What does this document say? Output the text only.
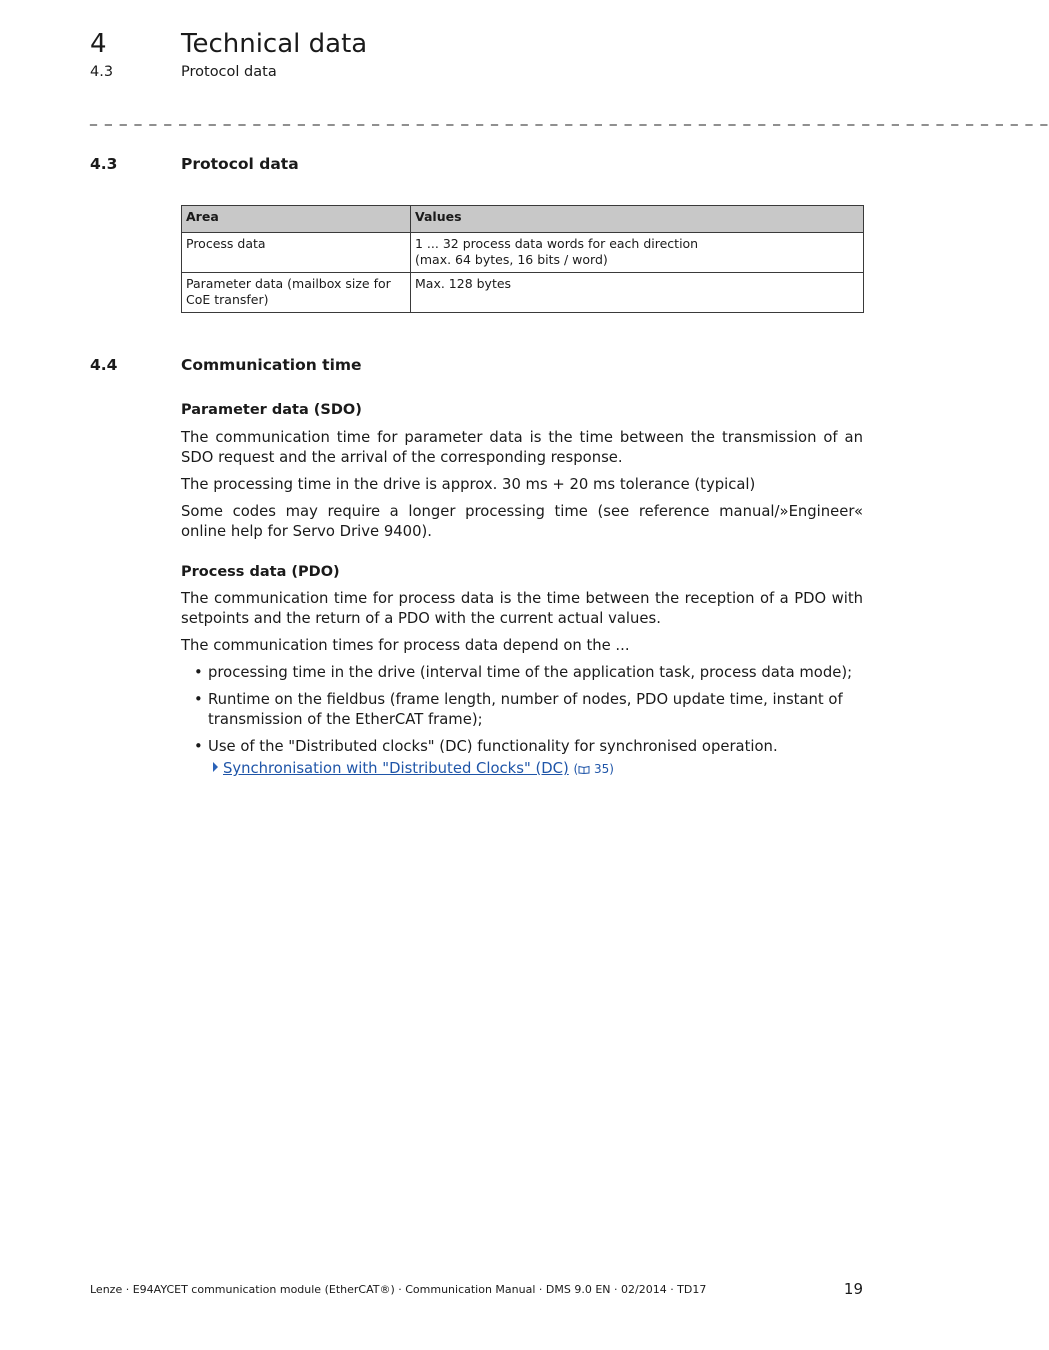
4	Technical data
4.3	Protocol data
_ _ _ _ _ _ _ _ _ _ _ _ _ _ _ _ _ _ _ _ _ _ _ _ _ _ _ _ _ _ _ _ _ _ _ _ _ _ _ _ _ _ _ _ _ _ _ _ _ _ _ _ _ _ _ _ _ _ _ _ _ _ _ _ _
4.3	Protocol data
Area	Values
Process data	1 ... 32 process data words for each direction
(max. 64 bytes, 16 bits / word)

Parameter data (mailbox size for CoE transfer)	Max. 128 bytes
4.4	Communication time
Parameter data (SDO)

The communication time for parameter data is the time between the transmission of an SDO request and the arrival of the corresponding response.

The processing time in the drive is approx. 30 ms + 20 ms tolerance (typical)

Some codes may require a longer processing time (see reference manual/»Engineer« online help for Servo Drive 9400).

Process data (PDO)

The communication time for process data is the time between the reception of a PDO with setpoints and the return of a PDO with the current actual values.

The communication times for process data depend on the ...

• processing time in the drive (interval time of the application task, process data mode);
• Runtime on the fieldbus (frame length, number of nodes, PDO update time, instant of transmission of the EtherCAT frame);
• Use of the "Distributed clocks" (DC) functionality for synchronised operation.
Synchronisation with "Distributed Clocks" (DC) ( 35)
Lenze · E94AYCET communication module (EtherCAT®) · Communication Manual · DMS 9.0 EN · 02/2014 · TD17	19
